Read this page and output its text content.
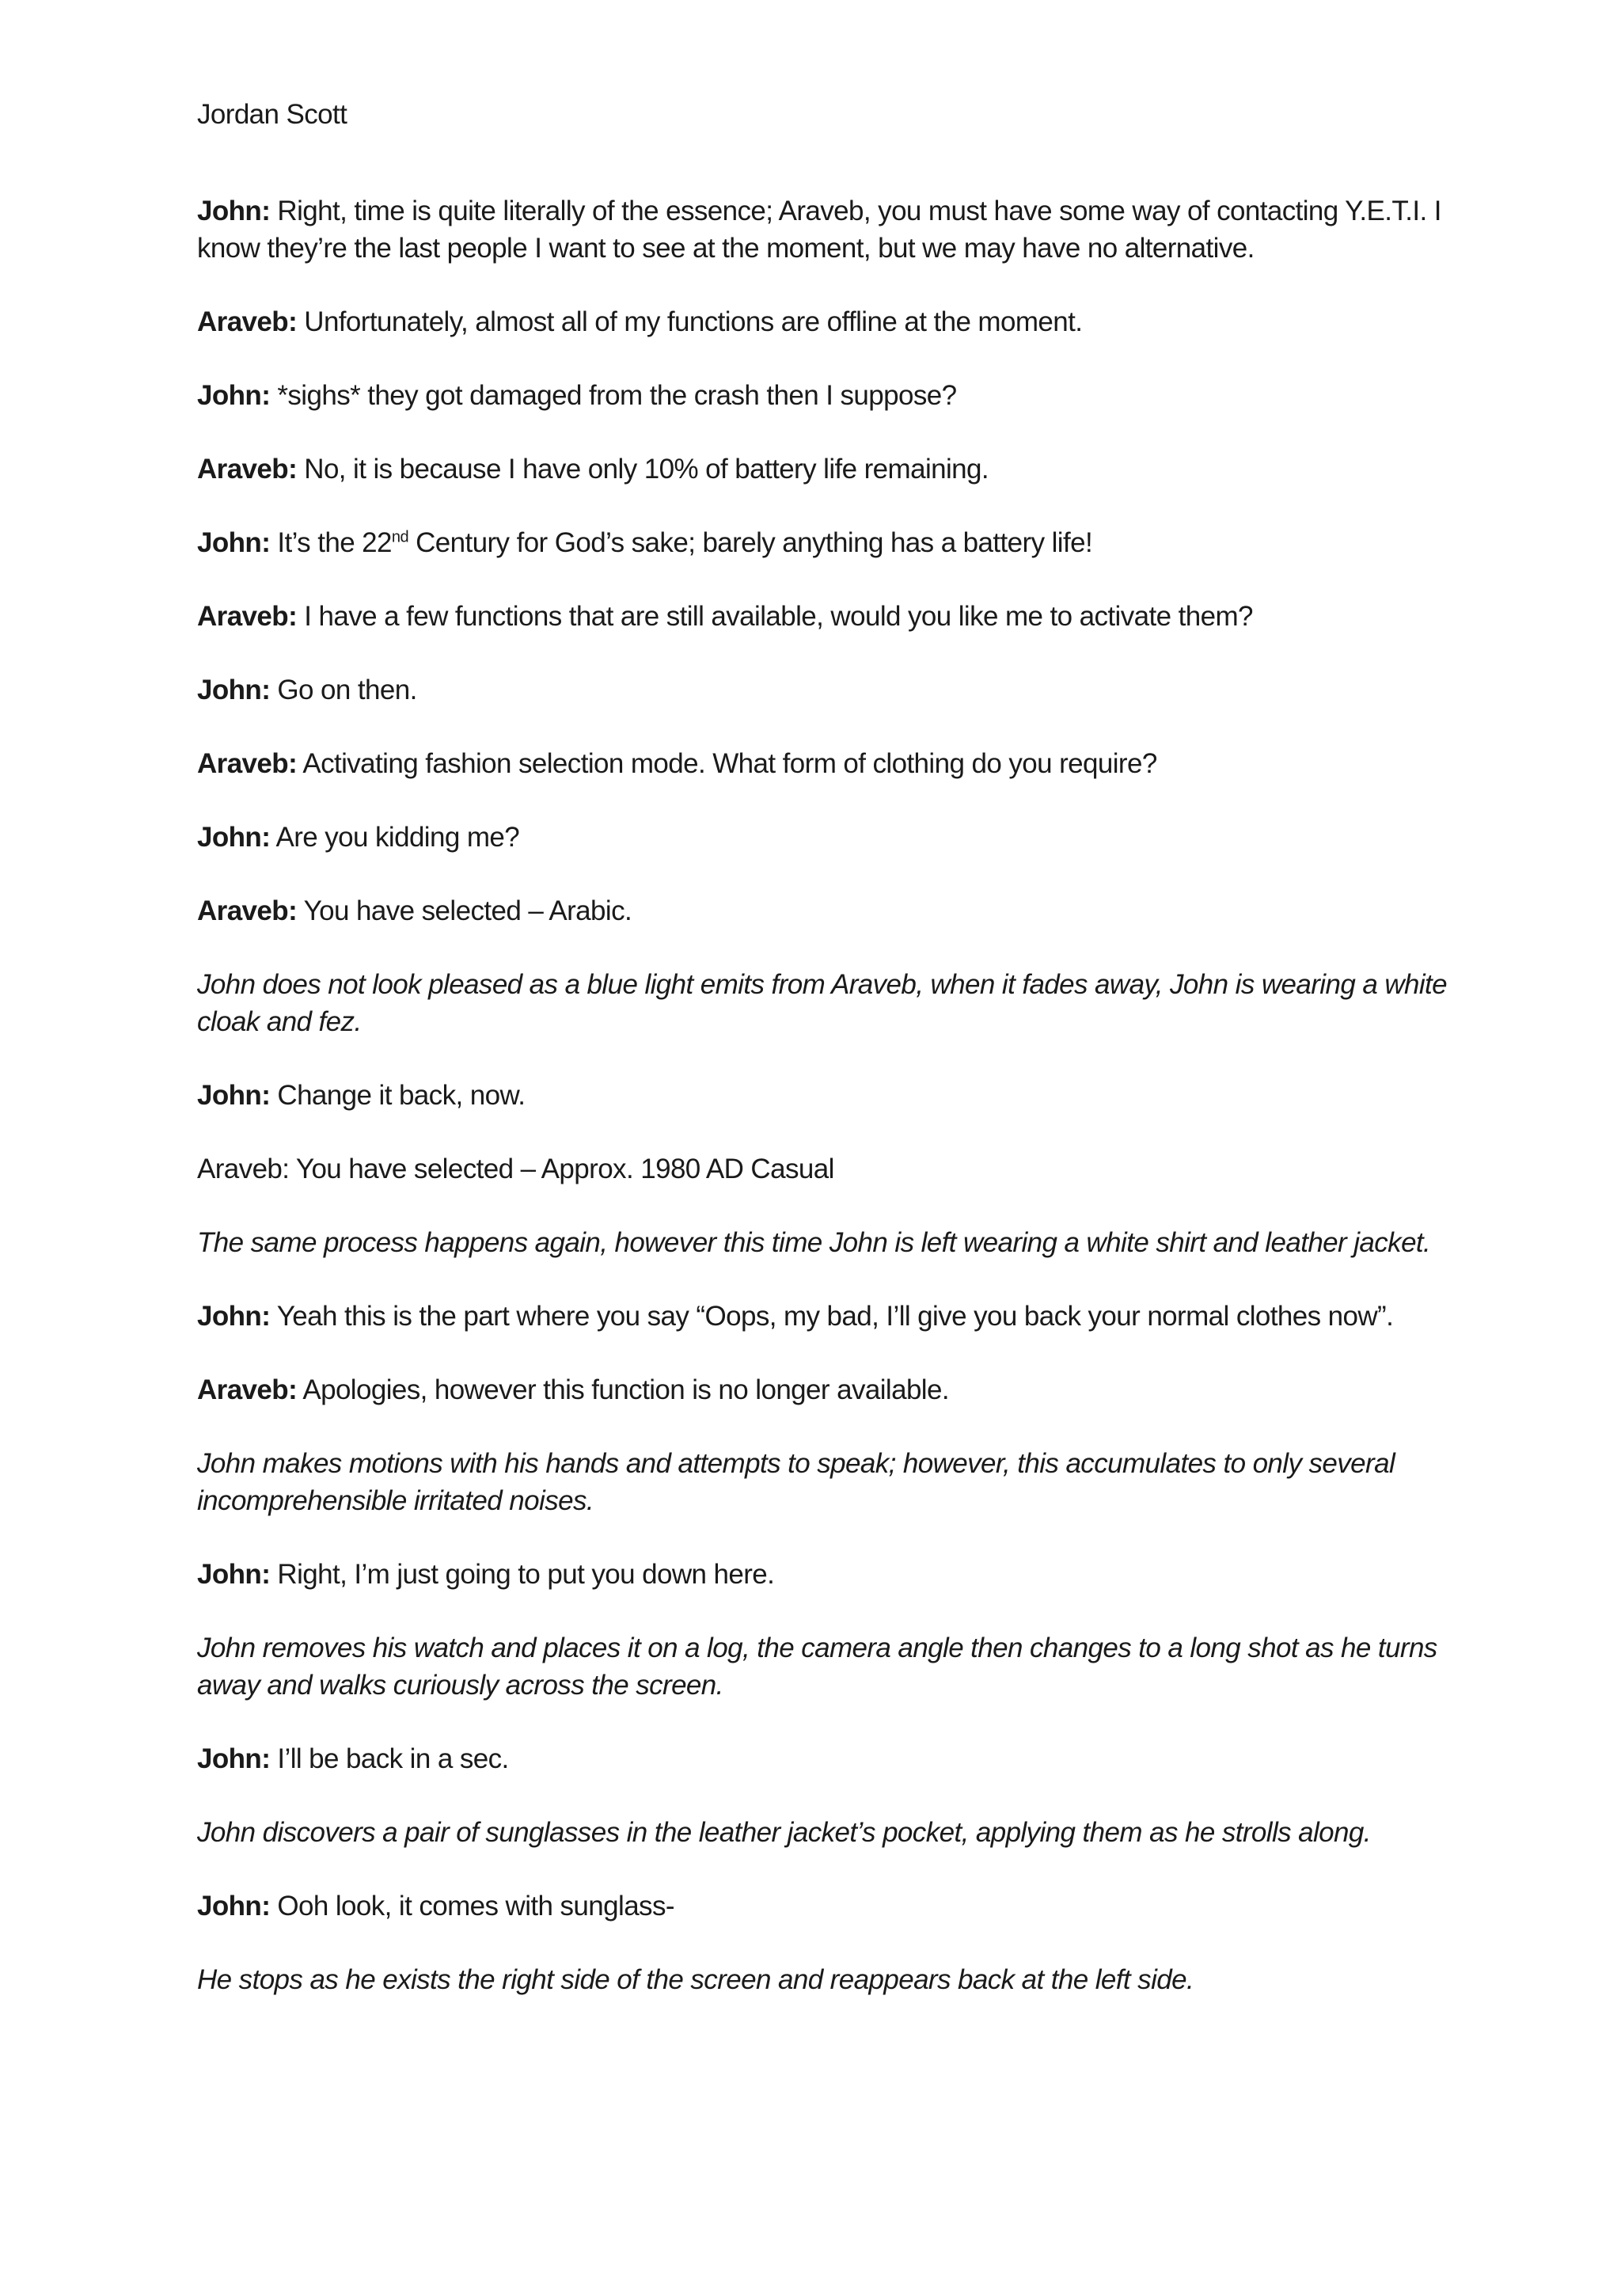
Jordan Scott

John: Right, time is quite literally of the essence; Araveb, you must have some way of contacting Y.E.T.I. I know they’re the last people I want to see at the moment, but we may have no alternative.

Araveb: Unfortunately, almost all of my functions are offline at the moment.

John: *sighs* they got damaged from the crash then I suppose?

Araveb: No, it is because I have only 10% of battery life remaining.

John: It’s the 22nd Century for God’s sake; barely anything has a battery life!

Araveb: I have a few functions that are still available, would you like me to activate them?

John: Go on then.

Araveb: Activating fashion selection mode. What form of clothing do you require?

John: Are you kidding me?

Araveb: You have selected – Arabic.

John does not look pleased as a blue light emits from Araveb, when it fades away, John is wearing a white cloak and fez.

John: Change it back, now.

Araveb: You have selected – Approx. 1980 AD Casual

The same process happens again, however this time John is left wearing a white shirt and leather jacket.

John: Yeah this is the part where you say “Oops, my bad, I’ll give you back your normal clothes now”.

Araveb: Apologies, however this function is no longer available.

John makes motions with his hands and attempts to speak; however, this accumulates to only several incomprehensible irritated noises.

John: Right, I’m just going to put you down here.

John removes his watch and places it on a log, the camera angle then changes to a long shot as he turns away and walks curiously across the screen.

John: I’ll be back in a sec.

John discovers a pair of sunglasses in the leather jacket’s pocket, applying them as he strolls along.

John: Ooh look, it comes with sunglass-

He stops as he exists the right side of the screen and reappears back at the left side.
